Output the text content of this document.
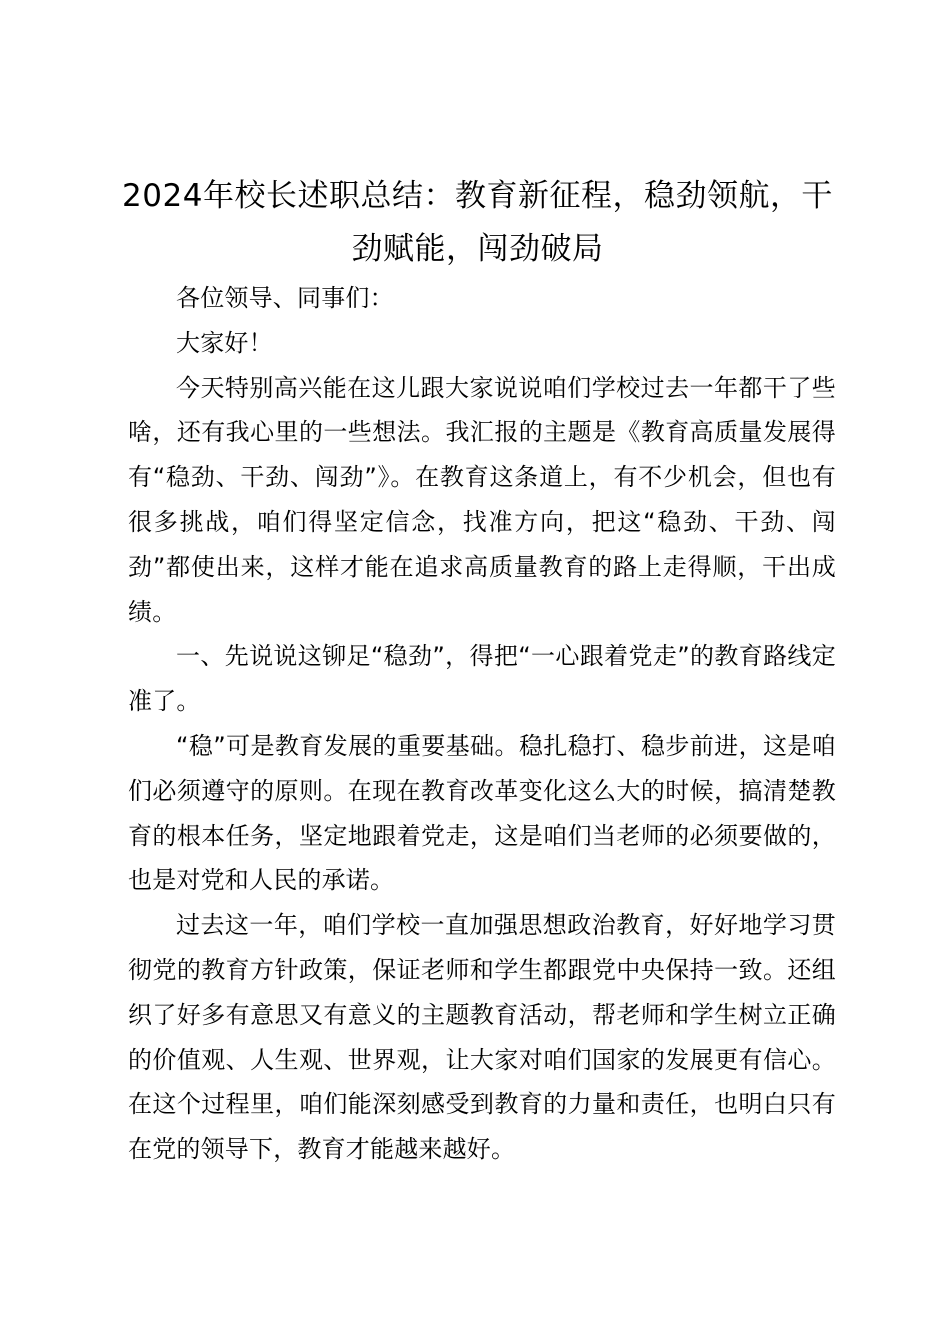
2024年校长述职总结：教育新征程，稳劲领航，干劲赋能，闯劲破局

各位领导、同事们：

大家好！

今天特别高兴能在这儿跟大家说说咱们学校过去一年都干了些啥，还有我心里的一些想法。我汇报的主题是《教育高质量发展得有“稳劲、干劲、闯劲”》。在教育这条道上，有不少机会，但也有很多挑战，咱们得坚定信念，找准方向，把这“稳劲、干劲、闯劲”都使出来，这样才能在追求高质量教育的路上走得顺，干出成绩。

一、先说说这铆足“稳劲”，得把“一心跟着党走”的教育路线定准了。

“稳”可是教育发展的重要基础。稳扎稳打、稳步前进，这是咱们必须遵守的原则。在现在教育改革变化这么大的时候，搞清楚教育的根本任务，坚定地跟着党走，这是咱们当老师的必须要做的，也是对党和人民的承诺。

过去这一年，咱们学校一直加强思想政治教育，好好地学习贯彻党的教育方针政策，保证老师和学生都跟党中央保持一致。还组织了好多有意思又有意义的主题教育活动，帮老师和学生树立正确的价值观、人生观、世界观，让大家对咱们国家的发展更有信心。在这个过程里，咱们能深刻感受到教育的力量和责任，也明白只有在党的领导下，教育才能越来越好。
